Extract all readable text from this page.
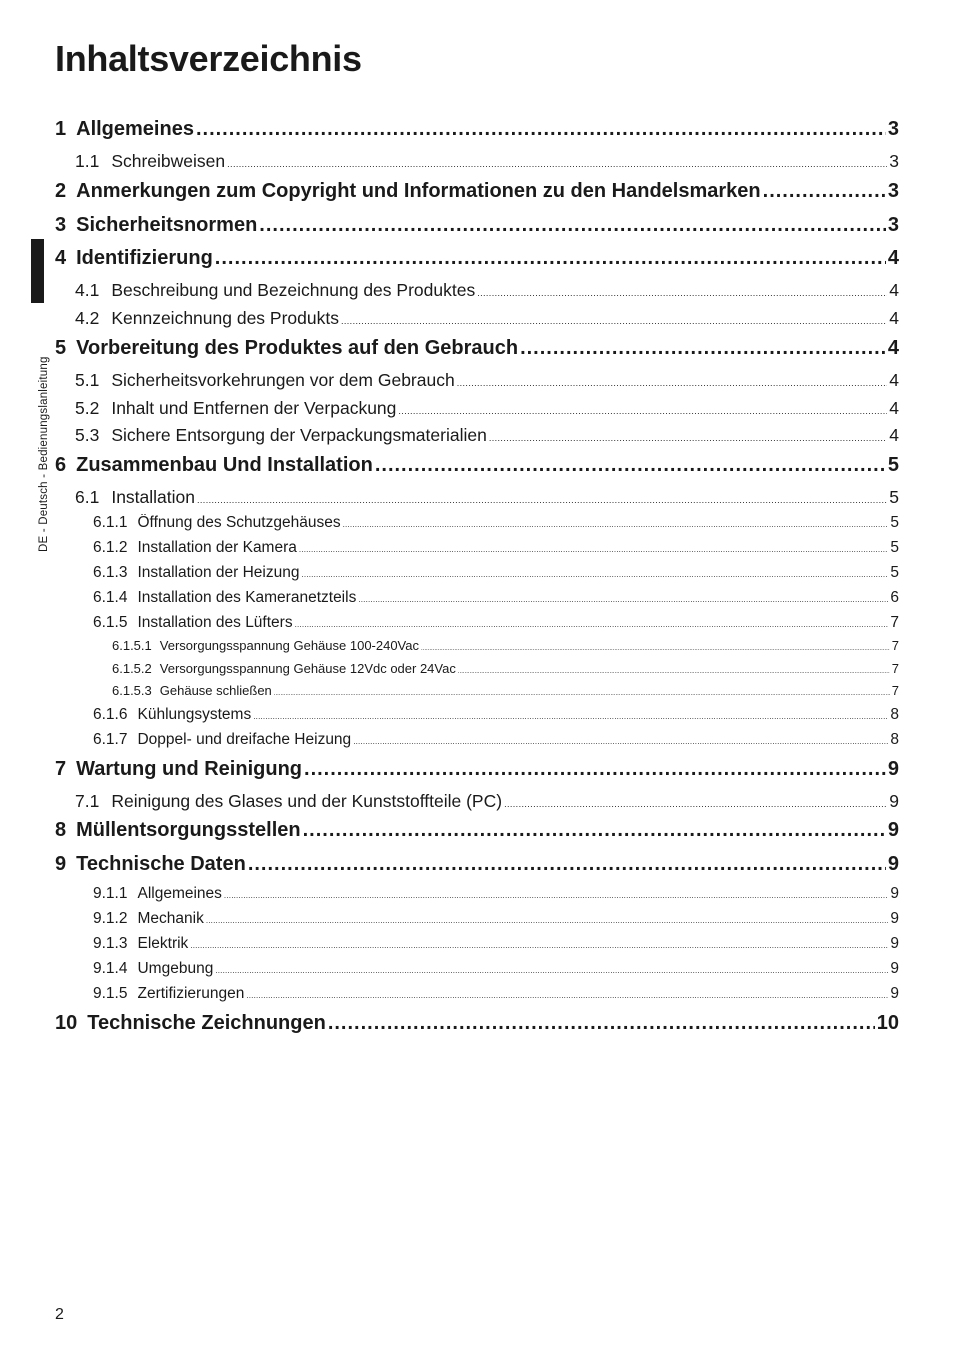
Inhaltsverzeichnis
DE - Deutsch - Bedienungslanleitung
1 Allgemeines .....	3
1.1 Schreibweisen .....	3
2 Anmerkungen zum Copyright und Informationen zu den Handelsmarken .....	3
3 Sicherheitsnormen .....	3
4 Identifizierung .....	4
4.1 Beschreibung und Bezeichnung des Produktes .....	4
4.2 Kennzeichnung des Produkts .....	4
5 Vorbereitung des Produktes auf den Gebrauch .....	4
5.1 Sicherheitsvorkehrungen vor dem Gebrauch .....	4
5.2 Inhalt und Entfernen der Verpackung .....	4
5.3 Sichere Entsorgung der Verpackungsmaterialien .....	4
6 Zusammenbau Und Installation .....	5
6.1 Installation .....	5
6.1.1 Öffnung des Schutzgehäuses .....	5
6.1.2 Installation der Kamera .....	5
6.1.3 Installation der Heizung .....	5
6.1.4 Installation des Kameranetzteils .....	6
6.1.5 Installation des Lüfters .....	7
6.1.5.1 Versorgungsspannung Gehäuse 100-240Vac .....	7
6.1.5.2 Versorgungsspannung Gehäuse 12Vdc oder 24Vac .....	7
6.1.5.3 Gehäuse schließen .....	7
6.1.6 Kühlungsystems .....	8
6.1.7 Doppel- und dreifache Heizung .....	8
7 Wartung und Reinigung .....	9
7.1 Reinigung des Glases und der Kunststoffteile (PC) .....	9
8 Müllentsorgungsstellen .....	9
9 Technische Daten .....	9
9.1.1 Allgemeines .....	9
9.1.2 Mechanik .....	9
9.1.3 Elektrik .....	9
9.1.4 Umgebung .....	9
9.1.5 Zertifizierungen .....	9
10 Technische Zeichnungen .....	10
2
